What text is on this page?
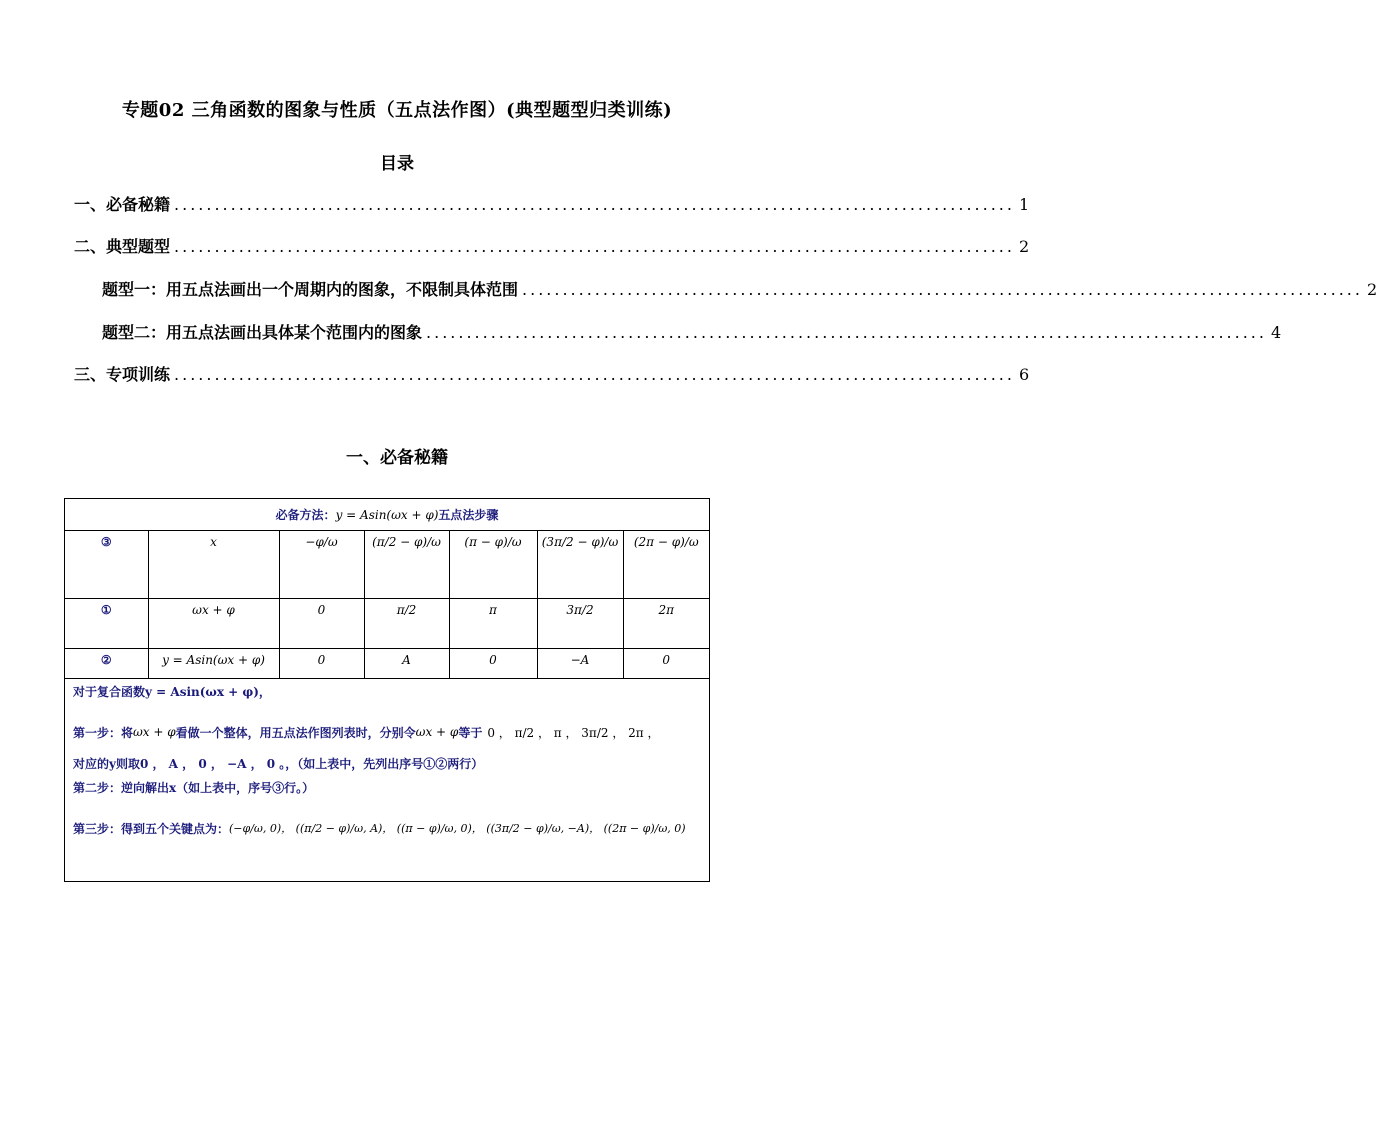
专题02 三角函数的图象与性质（五点法作图）(典型题型归类训练)
目录
一、必备秘籍 ........................................................................................................ 1
二、典型题型 ........................................................................................................ 2
题型一：用五点法画出一个周期内的图象，不限制具体范围 ........................................................................................................ 2
题型二：用五点法画出具体某个范围内的图象 ........................................................................................................ 4
三、专项训练 ........................................................................................................ 6
一、必备秘籍
必备方法： y = Asin(ωx + φ) 五点法步骤
③	x	−φ/ω	(π/2 − φ)/ω	(π − φ)/ω	(3π/2 − φ)/ω	(2π − φ)/ω
①	ωx + φ	0	π/2	π	3π/2	2π
②	y = Asin(ωx + φ)	0	A	0	−A	0
对于复合函数y = Asin(ωx + φ)，
第一步：将 ωx + φ 看做一个整体，用五点法作图列表时，分别令 ωx + φ 等于 0 ， π/2 ， π ， 3π/2 ， 2π ，
对应的y则取0 ， A ， 0 ， −A ， 0 。，（如上表中，先列出序号①②两行）
第二步：逆向解出x（如上表中，序号③行。）
第三步：得到五个关键点为： (−φ/ω, 0)， ((π/2 − φ)/ω, A)， ((π − φ)/ω, 0)， ((3π/2 − φ)/ω, −A)， ((2π − φ)/ω, 0)
